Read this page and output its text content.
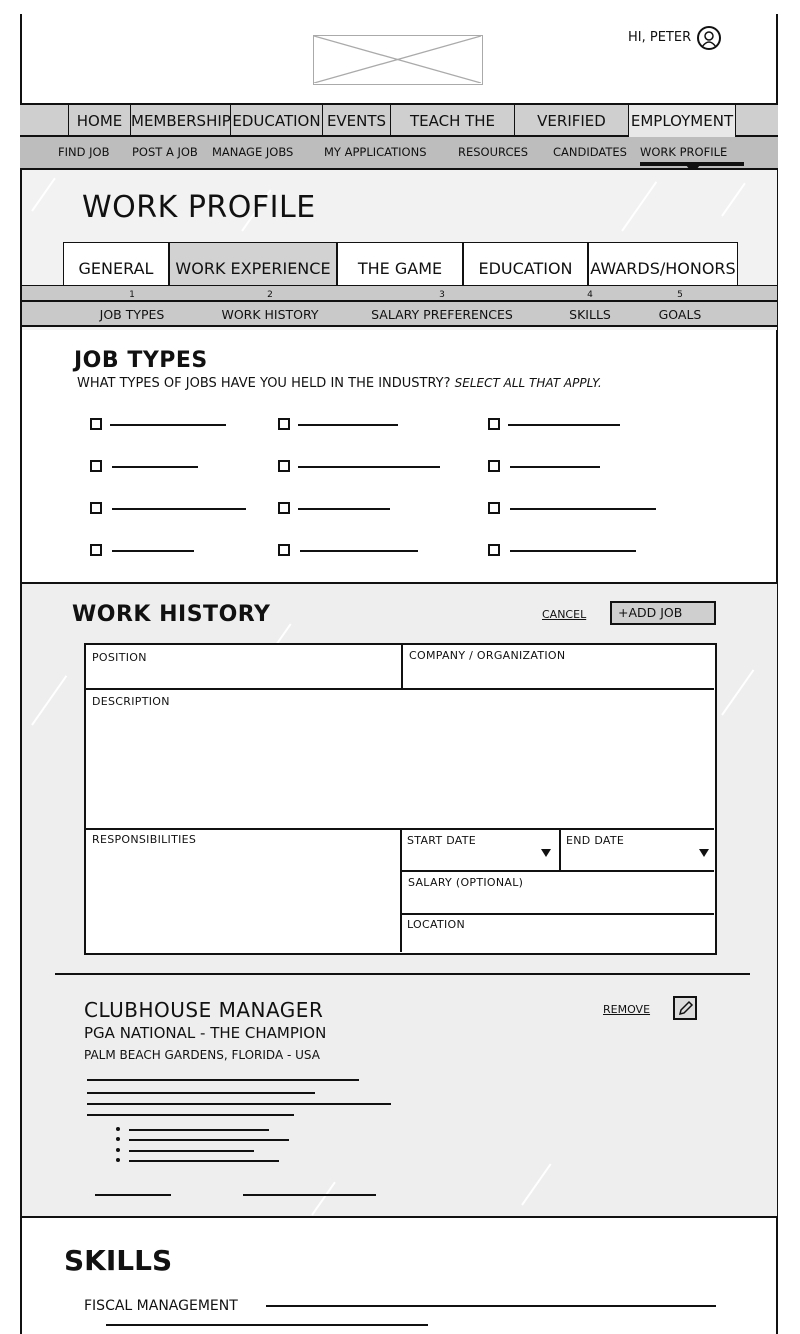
HI, PETER
HOME MEMBERSHIP EDUCATION EVENTS	TEACH THE	VERIFIED	EMPLOYMENT
FIND JOB POST A JOB MANAGE JOBS	MY APPLICATIONS	RESOURCES CANDIDATES WORK PROFILE
WORK PROFILE
GENERAL	WORK EXPERIENCE	THE GAME	EDUCATION	AWARDS/HONORS
1
JOB TYPES
2
WORK HISTORY
3
SALARY PREFERENCES
4
SKILLS
5
GOALS
JOB TYPES
WHAT TYPES OF JOBS HAVE YOU HELD IN THE INDUSTRY? SELECT ALL THAT APPLY.
WORK HISTORY	CANCEL	+ADD JOB
POSITION	COMPANY / ORGANIZATION
DESCRIPTION
RESPONSIBILITIES	START DATE	END DATE
SALARY (OPTIONAL)
LOCATION
CLUBHOUSE MANAGER
PGA NATIONAL - THE CHAMPION
PALM BEACH GARDENS, FLORIDA - USA
REMOVE
SKILLS
FISCAL MANAGEMENT
